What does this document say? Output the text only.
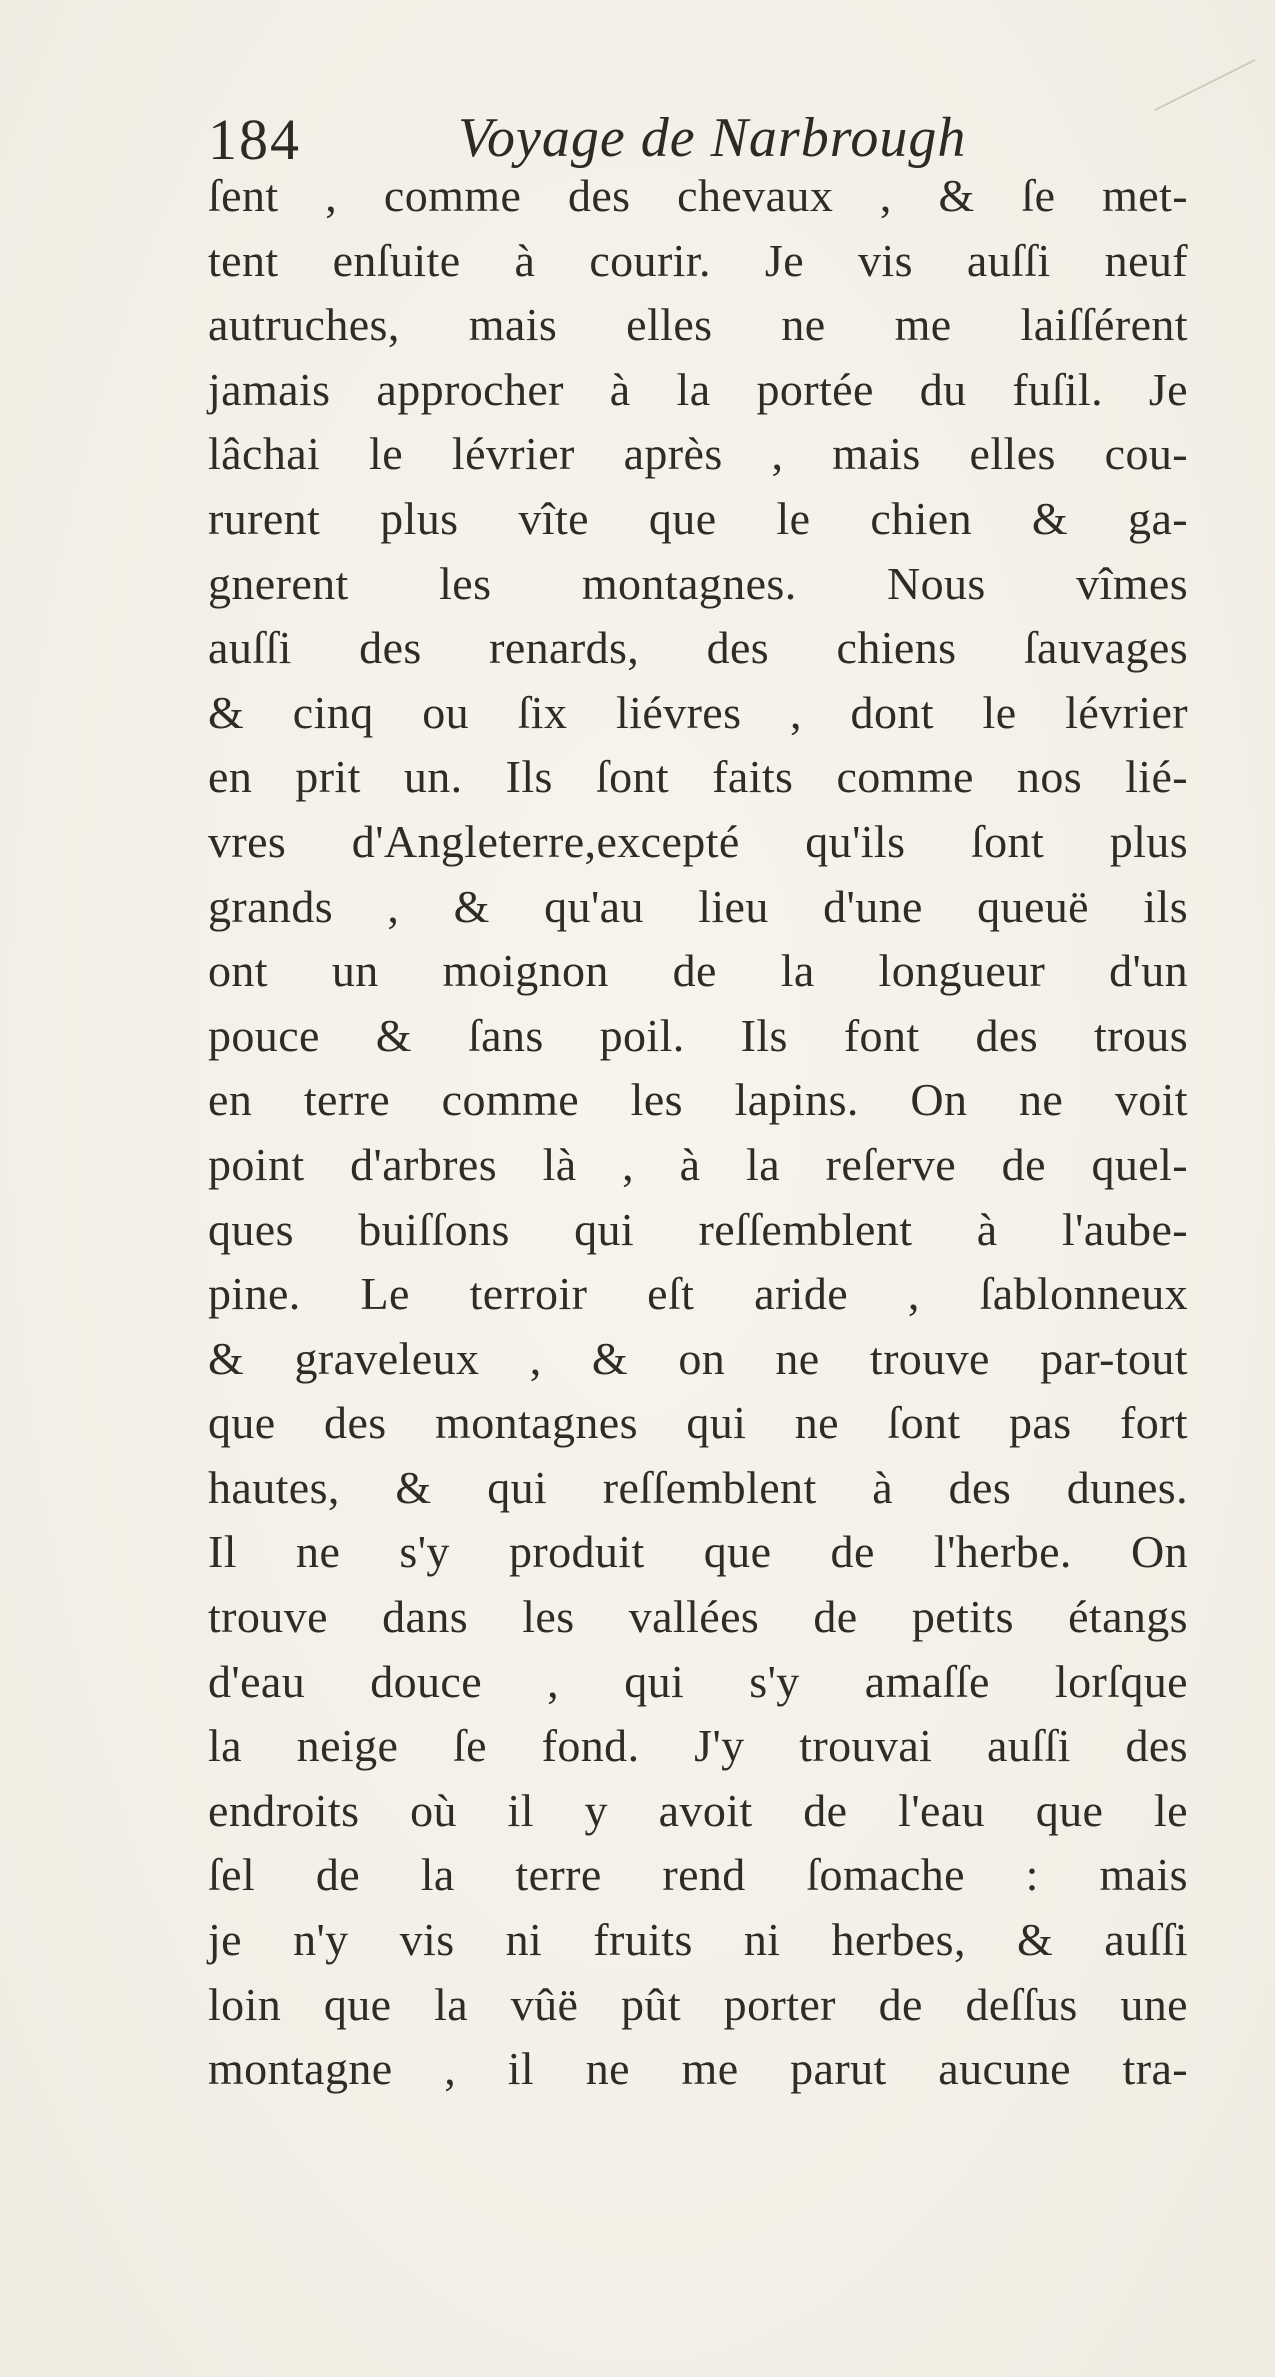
184	Voyage de Narbrough
ſent , comme des chevaux , & ſe met-
tent enſuite à courir. Je vis auſſi neuf
autruches, mais elles ne me laiſſérent
jamais approcher à la portée du fuſil. Je
lâchai le lévrier après , mais elles cou-
rurent plus vîte que le chien & ga-
gnerent les montagnes. Nous vîmes
auſſi des renards, des chiens ſauvages
& cinq ou ſix liévres , dont le lévrier
en prit un. Ils ſont faits comme nos lié-
vres d'Angleterre,excepté qu'ils ſont plus
grands , & qu'au lieu d'une queuë ils
ont un moignon de la longueur d'un
pouce & ſans poil. Ils font des trous
en terre comme les lapins. On ne voit
point d'arbres là , à la reſerve de quel-
ques buiſſons qui reſſemblent à l'aube-
pine. Le terroir eſt aride , ſablonneux
& graveleux , & on ne trouve par-tout
que des montagnes qui ne ſont pas fort
hautes, & qui reſſemblent à des dunes.
Il ne s'y produit que de l'herbe. On
trouve dans les vallées de petits étangs
d'eau douce , qui s'y amaſſe lorſque
la neige ſe fond. J'y trouvai auſſi des
endroits où il y avoit de l'eau que le
ſel de la terre rend ſomache : mais
je n'y vis ni fruits ni herbes, & auſſi
loin que la vûë pût porter de deſſus une
montagne , il ne me parut aucune tra-
